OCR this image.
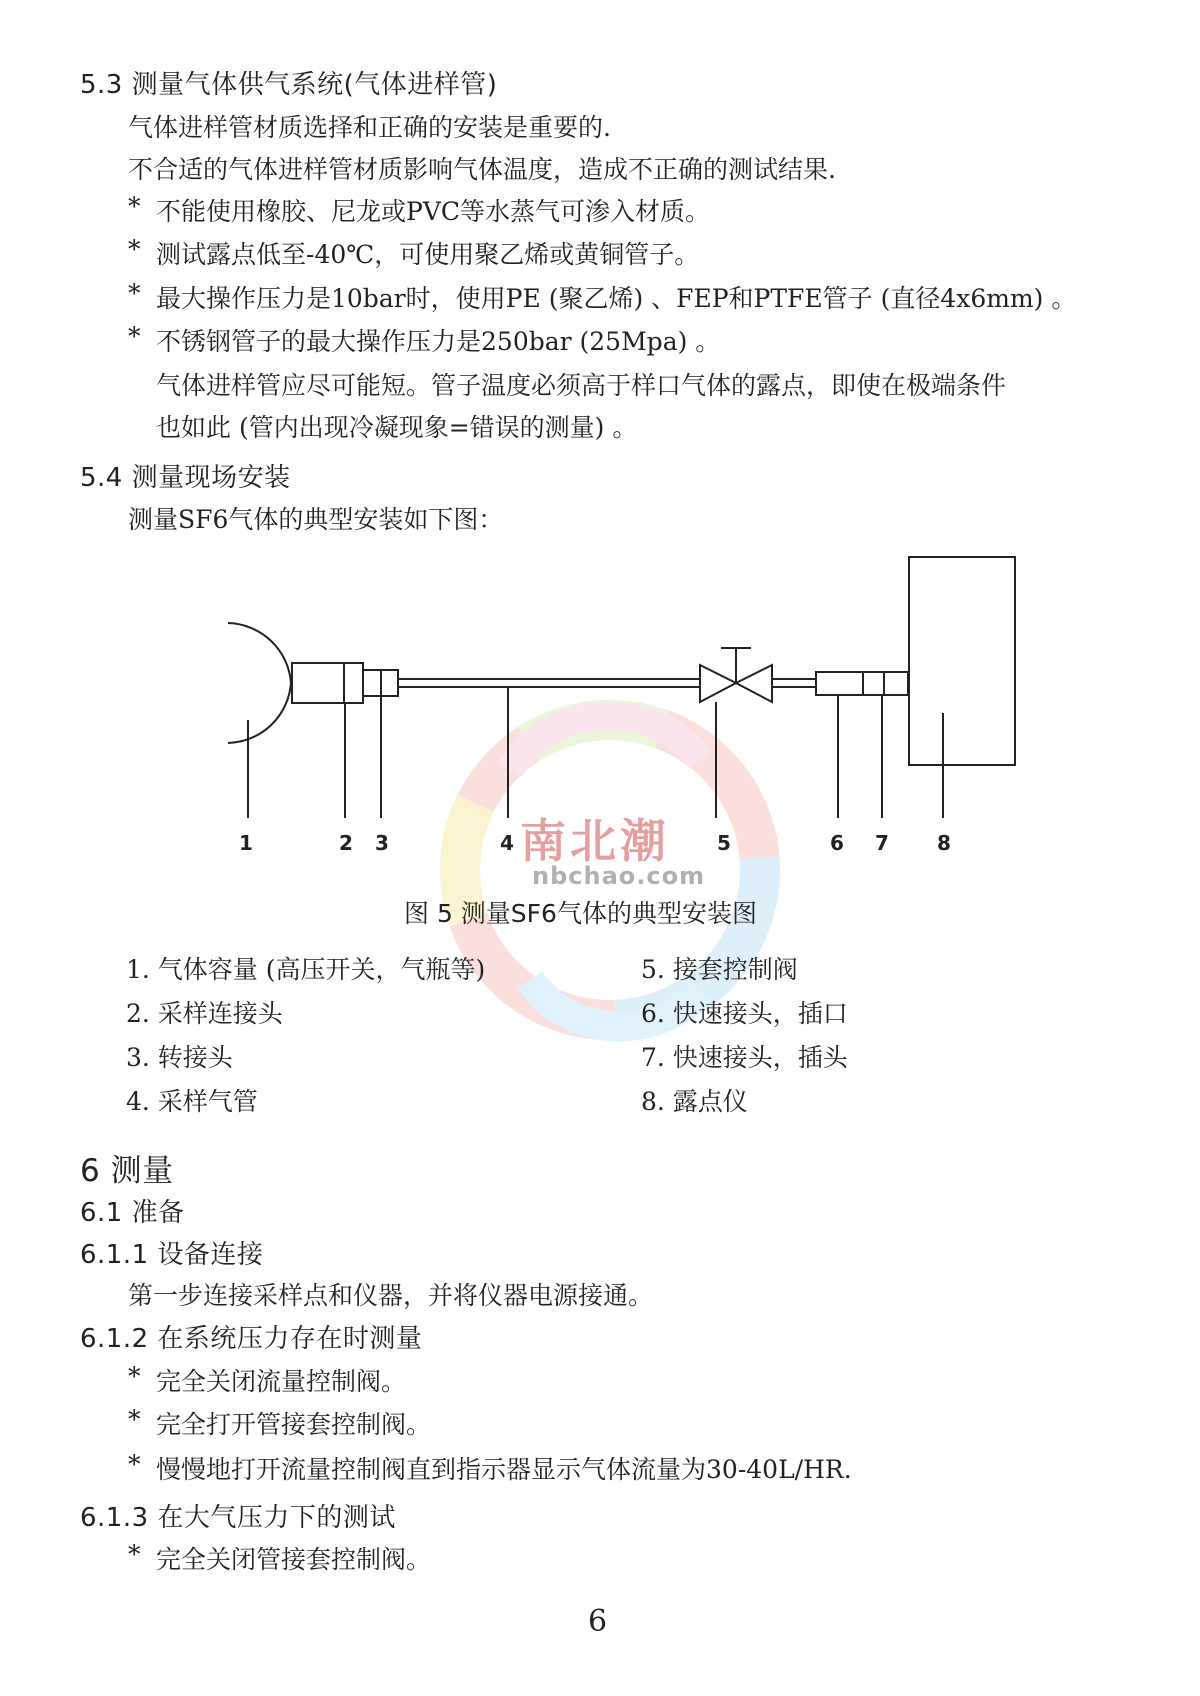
5.3 测量气体供气系统(气体进样管)
气体进样管材质选择和正确的安装是重要的.
不合适的气体进样管材质影响气体温度，造成不正确的测试结果.
* 不能使用橡胶、尼龙或PVC等水蒸气可渗入材质。
* 测试露点低至-40℃，可使用聚乙烯或黄铜管子。
* 最大操作压力是10bar时，使用PE (聚乙烯) 、FEP和PTFE管子 (直径4x6mm) 。
* 不锈钢管子的最大操作压力是250bar (25Mpa) 。
气体进样管应尽可能短。管子温度必须高于样口气体的露点，即使在极端条件
也如此 (管内出现冷凝现象=错误的测量) 。
5.4 测量现场安装
测量SF6气体的典型安装如下图：
南北潮
nbchao.com
1	2 3	4	5	6 7 8
图 5 测量SF6气体的典型安装图
1. 气体容量 (高压开关，气瓶等)
2. 采样连接头
3. 转接头
4. 采样气管
5. 接套控制阀
6. 快速接头，插口
7. 快速接头，插头
8. 露点仪
6 测量
6.1 准备
6.1.1 设备连接
第一步连接采样点和仪器，并将仪器电源接通。
6.1.2 在系统压力存在时测量
* 完全关闭流量控制阀。
* 完全打开管接套控制阀。
* 慢慢地打开流量控制阀直到指示器显示气体流量为30-40L/HR.
6.1.3 在大气压力下的测试
* 完全关闭管接套控制阀。
6
